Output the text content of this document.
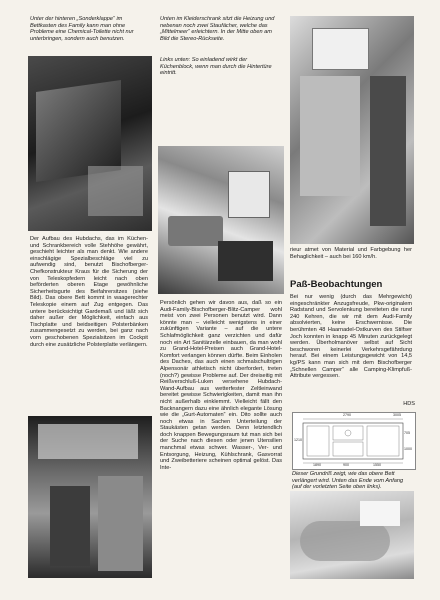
Unter der hinteren „Sonderklappe“ im Bettkasten des Family kann man ohne Probleme eine Chemical-Toilette nicht nur unterbringen, sondern auch benutzen.
Der Aufbau des Hubdachs, das im Küchen- und Schrankbereich volle Stehhöhe gewährt, geschieht leichter als man denkt. Wie andere einschlägige Spezialbeschläge viel zu aufwendig sind, benutzt Bischofberger-Chefkonstrukteur Kraus für die Sicherung der von Teleskopfedern leicht nach oben beförderten oberen Etage gewöhnliche Sicherheitsgurte des Beifahrersitzes (siehe Bild). Das obere Bett kommt in waagerechter Teleskopie einem auf Zug entgegen. Das untere berücksichtigt Gardemaß und läßt sich daher außer der Möglichkeit, einfach aus Tischplatte und beidseitigen Polsterbänken zusammengesetzt zu werden, bei ganz nach vorn geschobenen Spezialsitzen im Cockpit durch eine zusätzliche Polsterplatte verlängern.
Unten im Kleiderschrank sitzt die Heizung und nebenan noch zwei Staufächer, welche das „Mittelmeer“ erleichtern. In der Mitte oben am Bild die Stereo-Rückseite.
Links unten: So einladend wirkt der Küchenblock, wenn man durch die Hintertüre eintritt.
Persönlich gehen wir davon aus, daß so ein Audi-Family-Bischofberger-Blitz-Camper wohl meist von zwei Personen benutzt wird. Dann könnte man – vielleicht wenigstens in einer zukünftigen Variante – auf die untere Schlafmöglichkeit ganz verzichten und dafür noch ein Art Sanitärzelle einbauen, da man wohl zu Grand-Hotel-Preisen auch Grand-Hotel-Komfort verlangen können dürfte. Beim Einholen des Daches, das auch einen schmalschultrigen Alpensonär athletisch nicht überfordert, treten (noch?) gewisse Probleme auf. Der dreiseitig mit Reißverschluß-Luken versehene Hubdach-Wand-Aufbau aus wetterfester Zeltleinwand bereitet gewisse Schwierigkeiten, damit man ihn nicht außerhalb einklemmt. Vielleicht fällt den Backnangern dazu eine ähnlich elegante Lösung wie die „Gurt-Automaten“ ein. Dito sollte auch noch etwas in Sachen Unterteilung der Staukästen getan werden. Denn letztendlich doch knappen Bewegungsraum tut man sich bei der Suche nach diesen oder jenen Utensilien manchmal etwas schwer. Wasser-, Ver- und Entsorgung, Heizung, Kühlschrank, Gasvorrat und Zweibetteriere scheinen optimal gelöst. Das Inte-
rieur atmet von Material und Farbgebung her Behaglichkeit – auch bei 160 km/h.
Paß-Beobachtungen
Bei nur wenig (durch das Mehrgewicht) eingeschränkter Anzugsfreude, Pkw-originalem Radstand und Servolenkung bereiteten die rund 240 Kehren, die wir mit dem Audi-Family absolvierten, keine Erschwernisse. Die berühmten 48 Haarnadel-Ostkurven des Stilfser Joch konnten in knapp 45 Minuten zurückgelegt werden. Überholmanöver selbst auf Sicht beschworen keinerlei Verkehrsgefährdung herauf. Bei einem Leistungsgewicht von 14,5 kg/PS kann man sich mit dem Bischofberger „Schnellen Camper“ alle Camping-Klimpfuß-Attribute vergessen.
HDS
2790
1890	900	1550
1210
3005
705
1000
Dieser Grundriß zeigt, wie das obere Bett verlängert wird. Unten das Ende vom Anfang (auf der vorletzten Seite oben links).
